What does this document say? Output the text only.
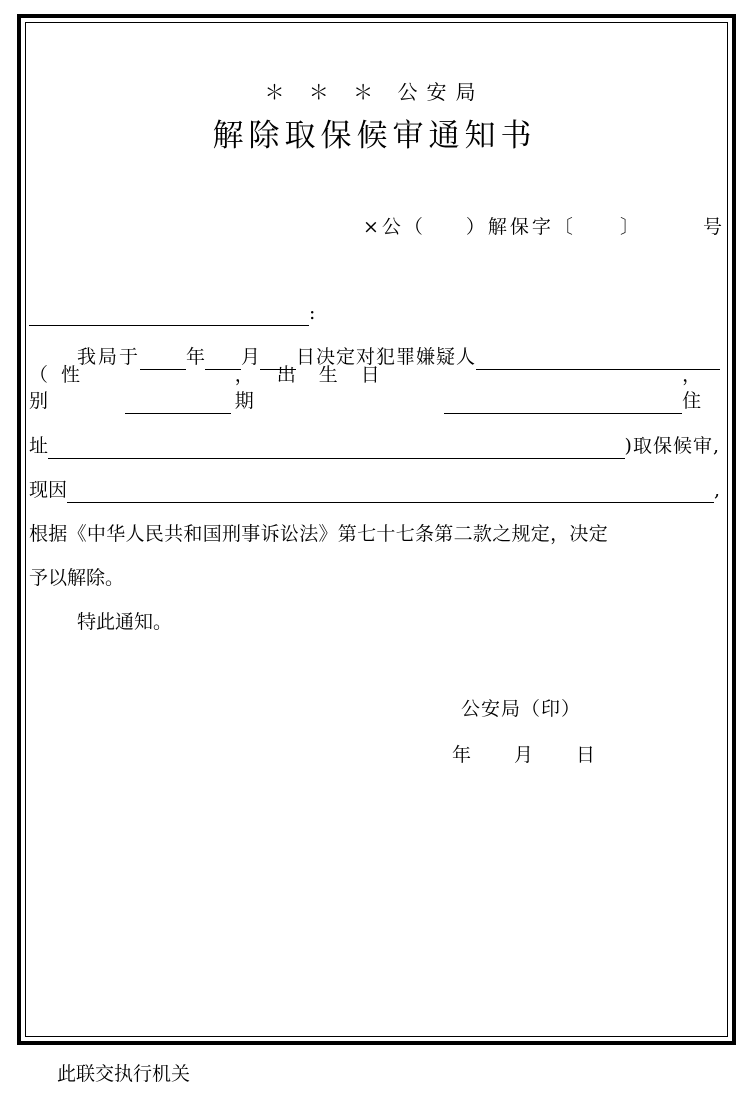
＊ ＊ ＊ 公安局
解除取保候审通知书
×公（ ）解保字〔 〕	号
:
我局于 年 月 日决定对犯罪嫌疑人
（性别
，出生日期
，住
址	)取保候审,
现因	,
根据《中华人民共和国刑事诉讼法》第七十七条第二款之规定，决定
予以解除。
特此通知。
公安局（印）
年 月 日
此联交执行机关
